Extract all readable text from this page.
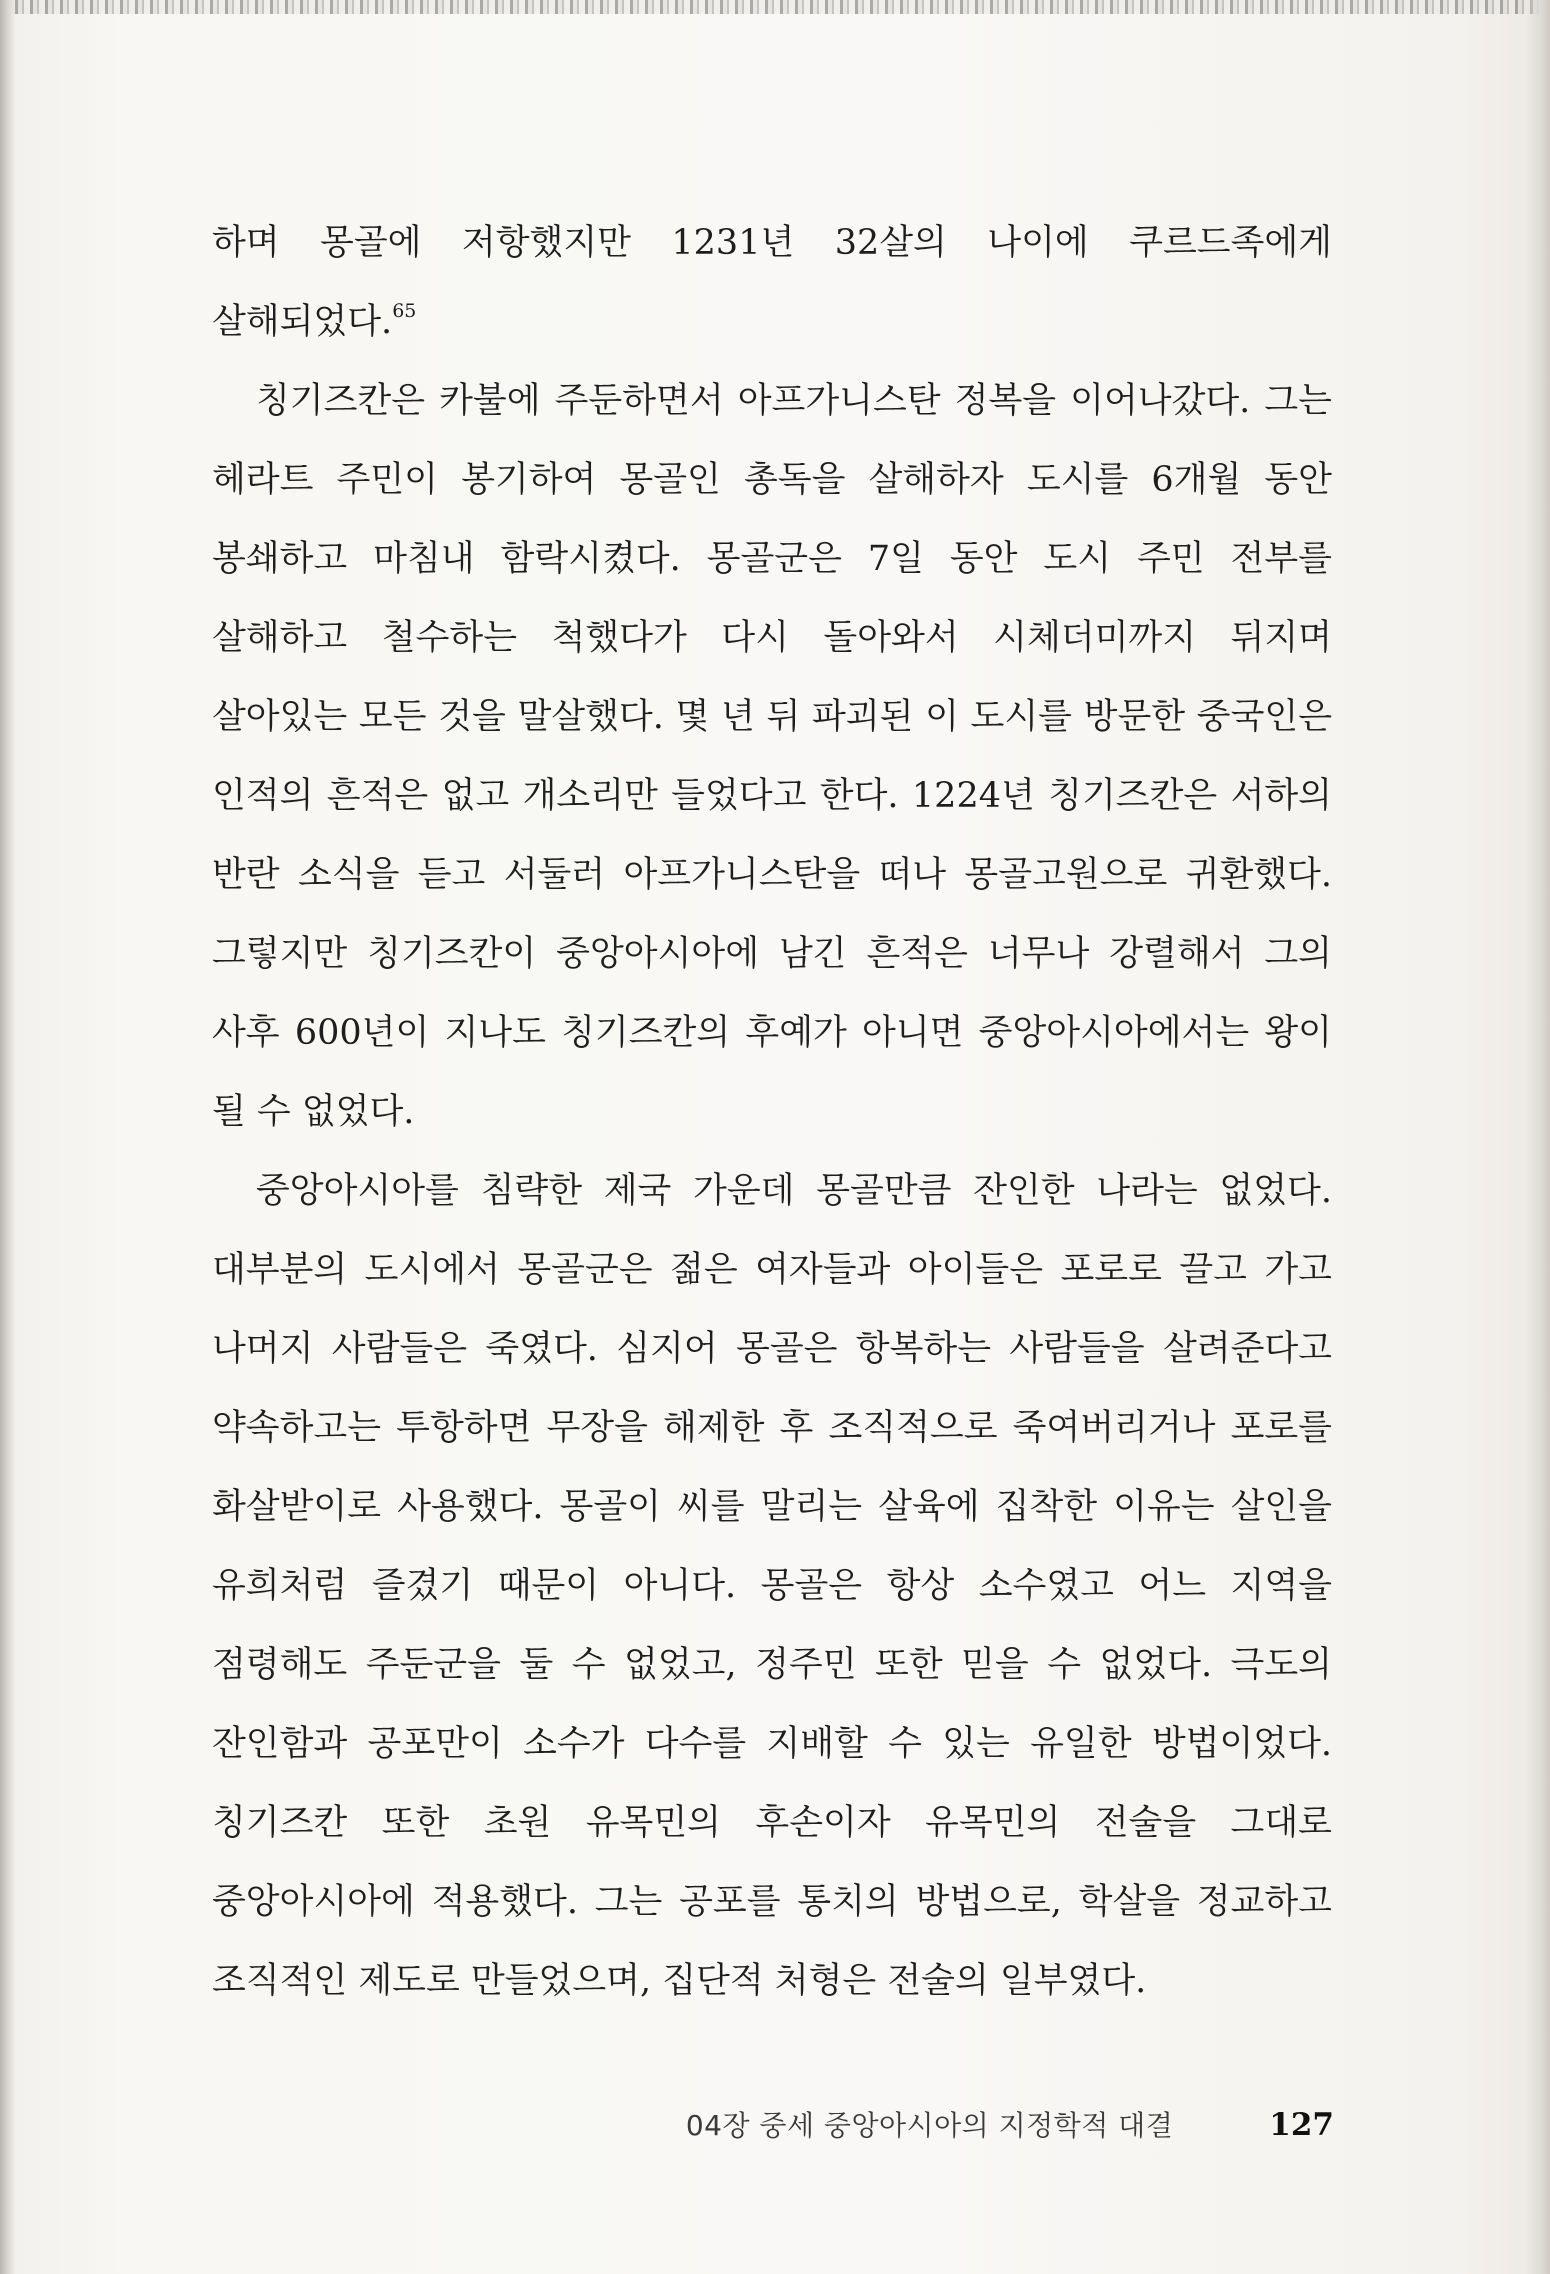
하며 몽골에 저항했지만 1231년 32살의 나이에 쿠르드족에게 살해되었다.$^{65}$

칭기즈칸은 카불에 주둔하면서 아프가니스탄 정복을 이어나갔다. 그는 헤라트 주민이 봉기하여 몽골인 총독을 살해하자 도시를 6개월 동안 봉쇄하고 마침내 함락시켰다. 몽골군은 7일 동안 도시 주민 전부를 살해하고 철수하는 척했다가 다시 돌아와서 시체더미까지 뒤지며 살아있는 모든 것을 말살했다. 몇 년 뒤 파괴된 이 도시를 방문한 중국인은 인적의 흔적은 없고 개소리만 들었다고 한다. 1224년 칭기즈칸은 서하의 반란 소식을 듣고 서둘러 아프가니스탄을 떠나 몽골고원으로 귀환했다. 그렇지만 칭기즈칸이 중앙아시아에 남긴 흔적은 너무나 강렬해서 그의 사후 600년이 지나도 칭기즈칸의 후예가 아니면 중앙아시아에서는 왕이 될 수 없었다.

중앙아시아를 침략한 제국 가운데 몽골만큼 잔인한 나라는 없었다. 대부분의 도시에서 몽골군은 젊은 여자들과 아이들은 포로로 끌고 가고 나머지 사람들은 죽였다. 심지어 몽골은 항복하는 사람들을 살려준다고 약속하고는 투항하면 무장을 해제한 후 조직적으로 죽여버리거나 포로를 화살받이로 사용했다. 몽골이 씨를 말리는 살육에 집착한 이유는 살인을 유희처럼 즐겼기 때문이 아니다. 몽골은 항상 소수였고 어느 지역을 점령해도 주둔군을 둘 수 없었고, 정주민 또한 믿을 수 없었다. 극도의 잔인함과 공포만이 소수가 다수를 지배할 수 있는 유일한 방법이었다. 칭기즈칸 또한 초원 유목민의 후손이자 유목민의 전술을 그대로 중앙아시아에 적용했다. 그는 공포를 통치의 방법으로, 학살을 정교하고 조직적인 제도로 만들었으며, 집단적 처형은 전술의 일부였다.

04장 중세 중앙아시아의 지정학적 대결	127
